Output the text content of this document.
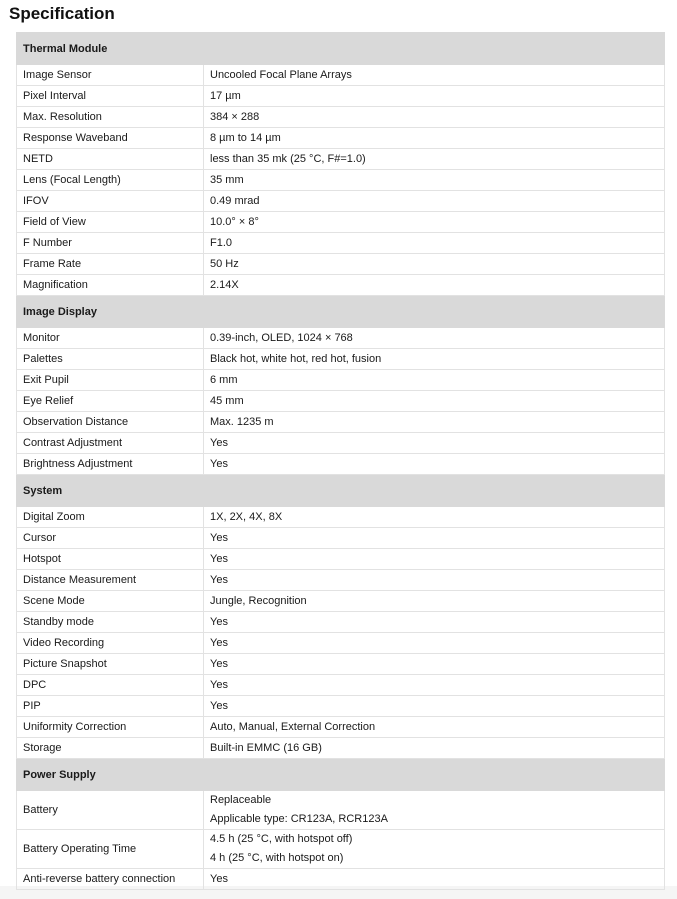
Specification
Thermal Module	
Image Sensor	Uncooled Focal Plane Arrays

Pixel Interval	17 µm

Max. Resolution	384 × 288

Response Waveband	8 µm to 14 µm

NETD	less than 35 mk (25 °C, F#=1.0)

Lens (Focal Length)	35 mm

IFOV	0.49 mrad

Field of View	10.0° × 8°

F Number	F1.0

Frame Rate	50 Hz

Magnification	2.14X

Image Display	
Monitor	0.39-inch, OLED, 1024 × 768

Palettes	Black hot, white hot, red hot, fusion

Exit Pupil	6 mm

Eye Relief	45 mm

Observation Distance	Max. 1235 m

Contrast Adjustment	Yes

Brightness Adjustment	Yes

System	
Digital Zoom	1X, 2X, 4X, 8X

Cursor	Yes

Hotspot	Yes

Distance Measurement	Yes

Scene Mode	Jungle, Recognition

Standby mode	Yes

Video Recording	Yes

Picture Snapshot	Yes

DPC	Yes

PIP	Yes

Uniformity Correction	Auto, Manual, External Correction

Storage	Built-in EMMC (16 GB)

Power Supply	
Battery	Replaceable
Applicable type: CR123A, RCR123A

Battery Operating Time	4.5 h (25 °C, with hotspot off)
4 h (25 °C, with hotspot on)

Anti-reverse battery connection	Yes
